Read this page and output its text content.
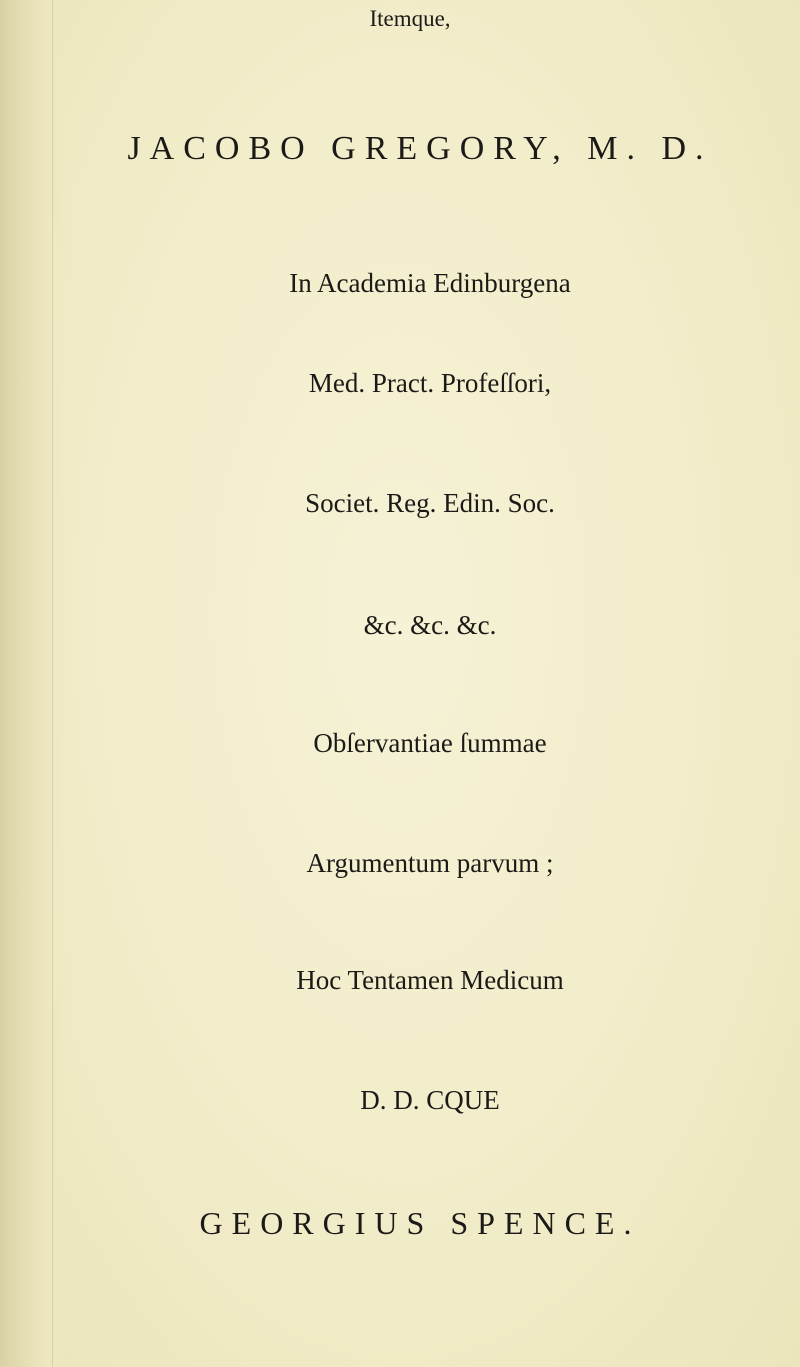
Itemque,
JACOBO GREGORY, M. D.
In Academia Edinburgena
Med. Pract. Profeſſori,
Societ. Reg. Edin. Soc.
&c. &c. &c.
Obſervantiae ſummae
Argumentum parvum ;
Hoc Tentamen Medicum
D. D. CQUE
GEORGIUS SPENCE.
